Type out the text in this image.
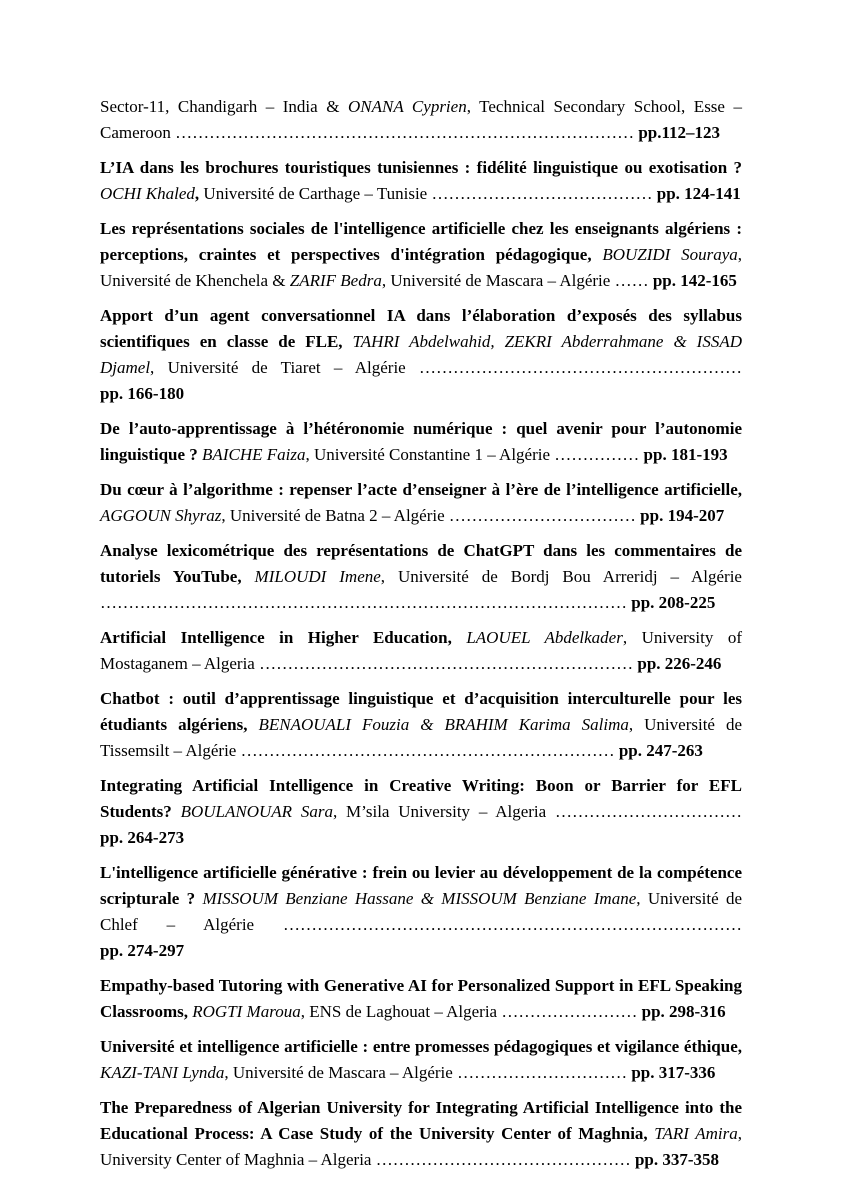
Sector-11, Chandigarh – India & ONANA Cyprien, Technical Secondary School, Esse – Cameroon ……………………………………………………………………… pp.112–123

L’IA dans les brochures touristiques tunisiennes : fidélité linguistique ou exotisation ? OCHI Khaled, Université de Carthage – Tunisie ………………………………… pp. 124-141

Les représentations sociales de l'intelligence artificielle chez les enseignants algériens : perceptions, craintes et perspectives d'intégration pédagogique, BOUZIDI Souraya, Université de Khenchela & ZARIF Bedra, Université de Mascara – Algérie …… pp. 142-165

Apport d’un agent conversationnel IA dans l’élaboration d’exposés des syllabus scientifiques en classe de FLE, TAHRI Abdelwahid, ZEKRI Abderrahmane & ISSAD Djamel, Université de Tiaret – Algérie ………………………………………………… pp. 166-180

De l’auto-apprentissage à l’hétéronomie numérique : quel avenir pour l’autonomie linguistique ? BAICHE Faiza, Université Constantine 1 – Algérie …………… pp. 181-193

Du cœur à l’algorithme : repenser l’acte d’enseigner à l’ère de l’intelligence artificielle, AGGOUN Shyraz, Université de Batna 2 – Algérie …………………………… pp. 194-207

Analyse lexicométrique des représentations de ChatGPT dans les commentaires de tutoriels YouTube, MILOUDI Imene, Université de Bordj Bou Arreridj – Algérie ………………………………………………………………………………… pp. 208-225

Artificial Intelligence in Higher Education, LAOUEL Abdelkader, University of Mostaganem – Algeria ………………………………………………………… pp. 226-246

Chatbot : outil d’apprentissage linguistique et d’acquisition interculturelle pour les étudiants algériens, BENAOUALI Fouzia & BRAHIM Karima Salima, Université de Tissemsilt – Algérie ………………………………………………………… pp. 247-263

Integrating Artificial Intelligence in Creative Writing: Boon or Barrier for EFL Students? BOULANOUAR Sara, M’sila University – Algeria …………………………… pp. 264-273

L'intelligence artificielle générative : frein ou levier au développement de la compétence scripturale ? MISSOUM Benziane Hassane & MISSOUM Benziane Imane, Université de Chlef – Algérie ……………………………………………………………………… pp. 274-297

Empathy-based Tutoring with Generative AI for Personalized Support in EFL Speaking Classrooms, ROGTI Maroua, ENS de Laghouat – Algeria …………………… pp. 298-316

Université et intelligence artificielle : entre promesses pédagogiques et vigilance éthique, KAZI-TANI Lynda, Université de Mascara – Algérie ………………………… pp. 317-336

The Preparedness of Algerian University for Integrating Artificial Intelligence into the Educational Process: A Case Study of the University Center of Maghnia, TARI Amira, University Center of Maghnia – Algeria ……………………………………… pp. 337-358
